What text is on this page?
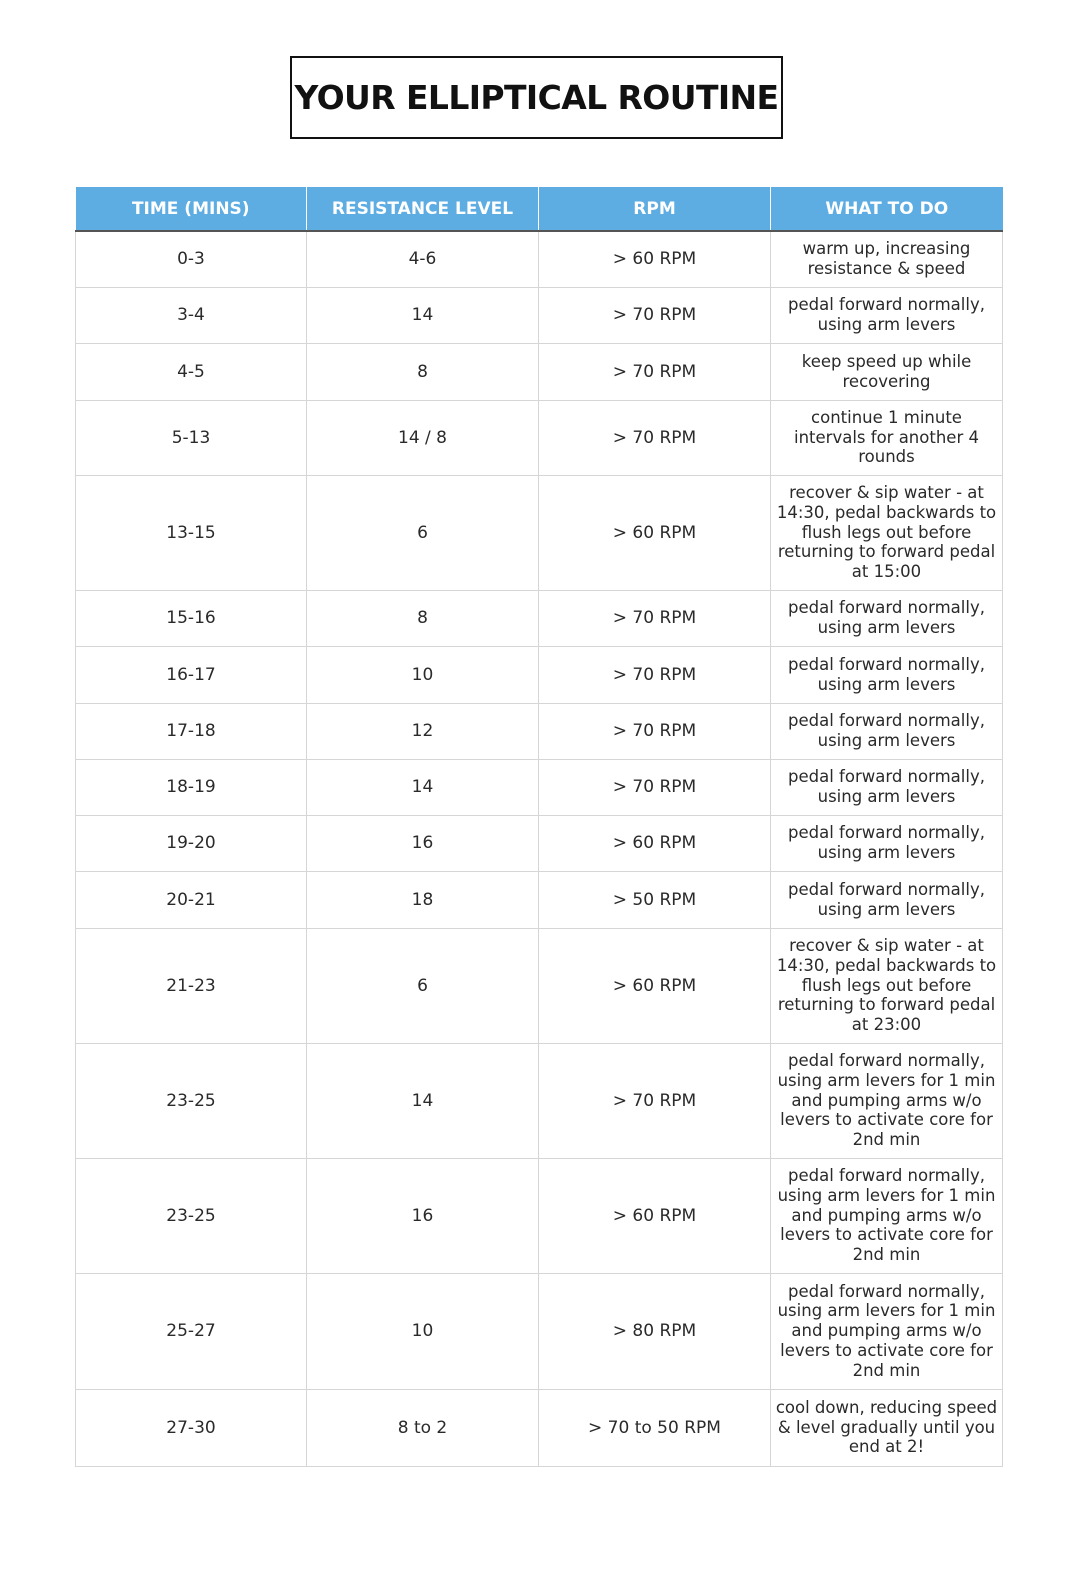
YOUR ELLIPTICAL ROUTINE
TIME (MINS)	RESISTANCE LEVEL	RPM	WHAT TO DO
0-3	4-6	> 60 RPM	warm up, increasing resistance & speed
3-4	14	> 70 RPM	pedal forward normally, using arm levers
4-5	8	> 70 RPM	keep speed up while recovering
5-13	14 / 8	> 70 RPM	continue 1 minute intervals for another 4 rounds
13-15	6	> 60 RPM	recover & sip water - at 14:30, pedal backwards to flush legs out before returning to forward pedal at 15:00
15-16	8	> 70 RPM	pedal forward normally, using arm levers
16-17	10	> 70 RPM	pedal forward normally, using arm levers
17-18	12	> 70 RPM	pedal forward normally, using arm levers
18-19	14	> 70 RPM	pedal forward normally, using arm levers
19-20	16	> 60 RPM	pedal forward normally, using arm levers
20-21	18	> 50 RPM	pedal forward normally, using arm levers
21-23	6	> 60 RPM	recover & sip water - at 14:30, pedal backwards to flush legs out before returning to forward pedal at 23:00
23-25	14	> 70 RPM	pedal forward normally, using arm levers for 1 min and pumping arms w/o levers to activate core for 2nd min
23-25	16	> 60 RPM	pedal forward normally, using arm levers for 1 min and pumping arms w/o levers to activate core for 2nd min
25-27	10	> 80 RPM	pedal forward normally, using arm levers for 1 min and pumping arms w/o levers to activate core for 2nd min
27-30	8 to 2	> 70 to 50 RPM	cool down, reducing speed & level gradually until you end at 2!
